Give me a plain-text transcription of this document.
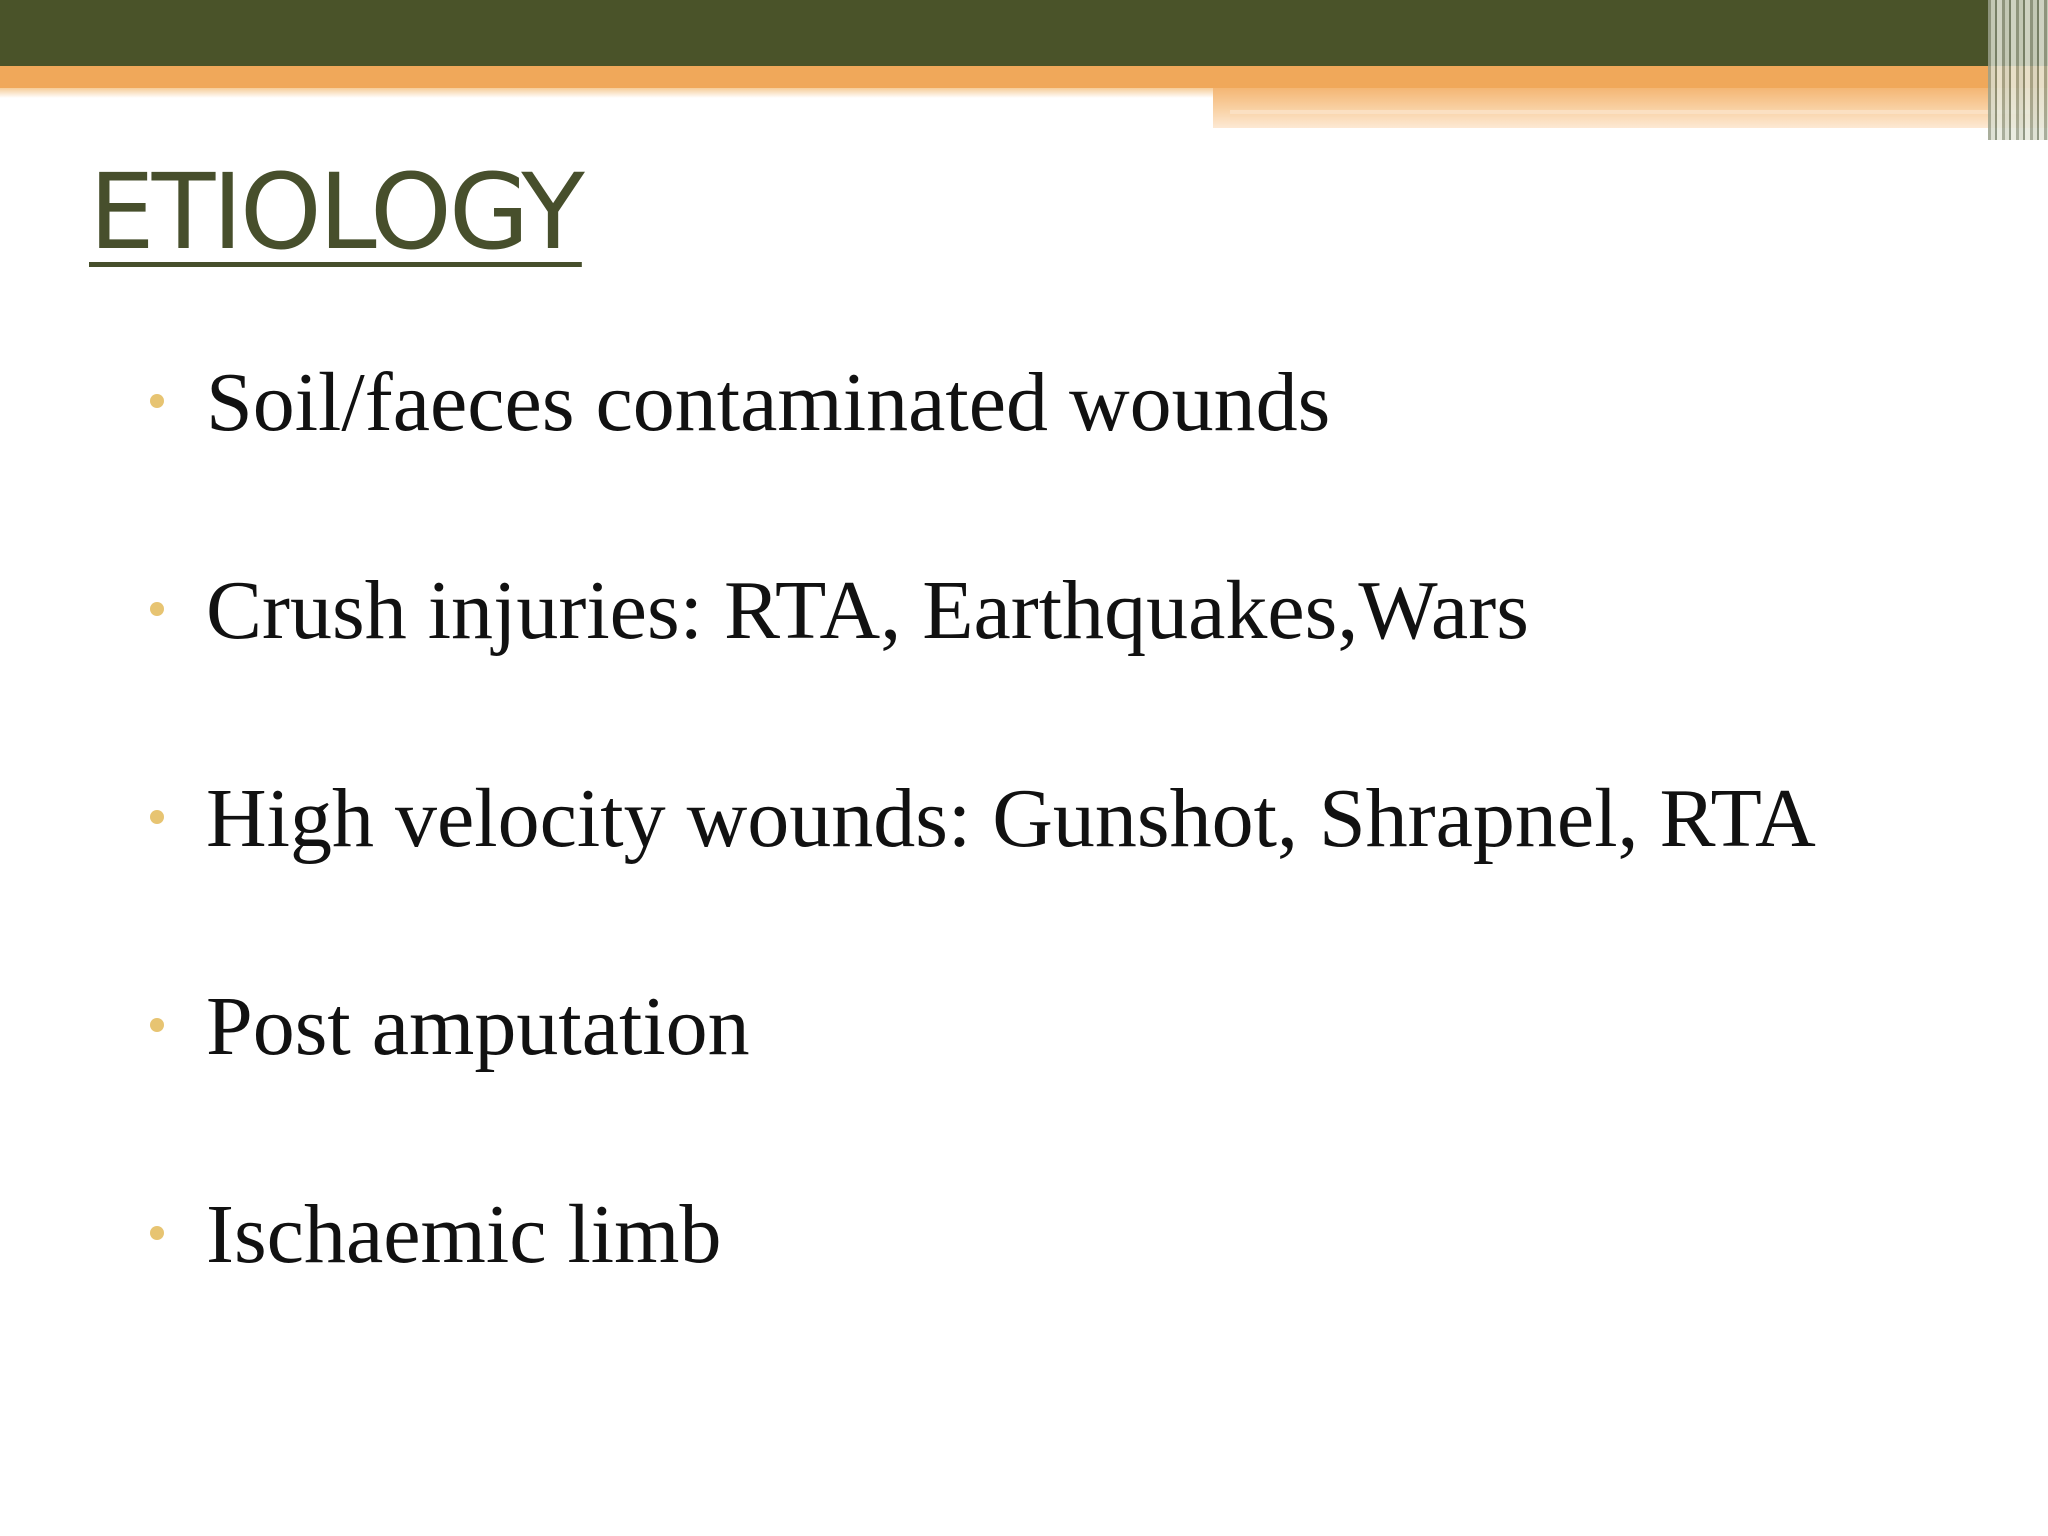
ETIOLOGY
Soil/faeces contaminated wounds
Crush injuries: RTA, Earthquakes,Wars
High velocity wounds: Gunshot, Shrapnel, RTA
Post amputation
Ischaemic limb
